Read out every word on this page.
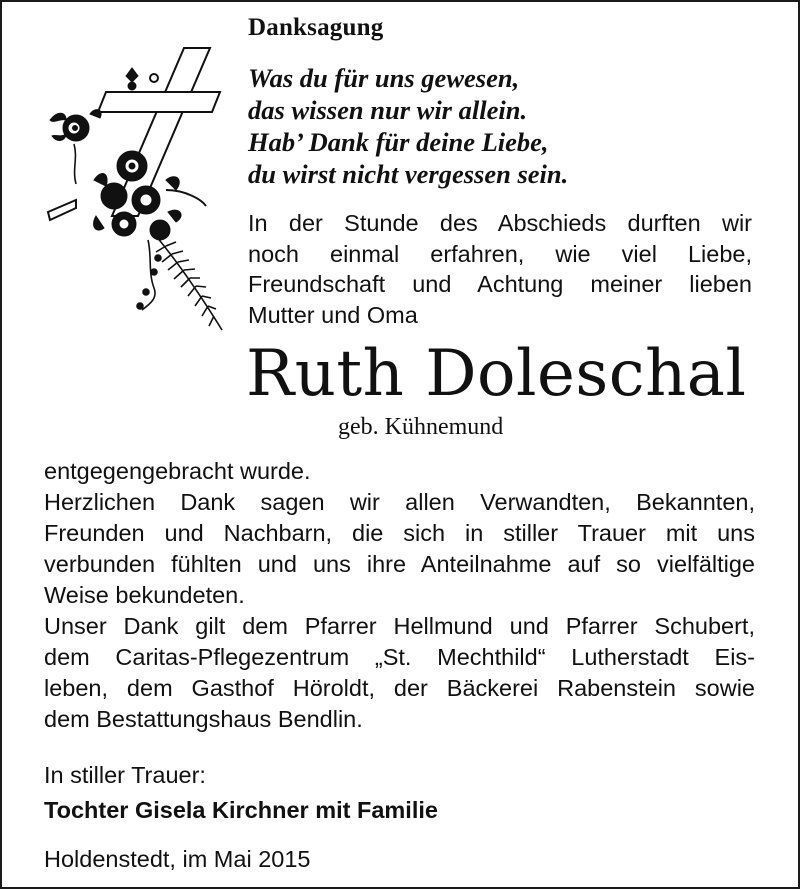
Danksagung
Was du für uns gewesen,
das wissen nur wir allein.
Hab’ Dank für deine Liebe,
du wirst nicht vergessen sein.
In der Stunde des Abschieds durften wir
noch einmal erfahren, wie viel Liebe,
Freundschaft und Achtung meiner lieben
Mutter und Oma
Ruth Doleschal
geb. Kühnemund
entgegengebracht wurde.
Herzlichen Dank sagen wir allen Verwandten, Bekannten,
Freunden und Nachbarn, die sich in stiller Trauer mit uns
verbunden fühlten und uns ihre Anteilnahme auf so vielfältige
Weise bekundeten.
Unser Dank gilt dem Pfarrer Hellmund und Pfarrer Schubert,
dem Caritas-Pflegezentrum „St. Mechthild“ Lutherstadt Eis-
leben, dem Gasthof Höroldt, der Bäckerei Rabenstein sowie
dem Bestattungshaus Bendlin.
In stiller Trauer:
Tochter Gisela Kirchner mit Familie
Holdenstedt, im Mai 2015
